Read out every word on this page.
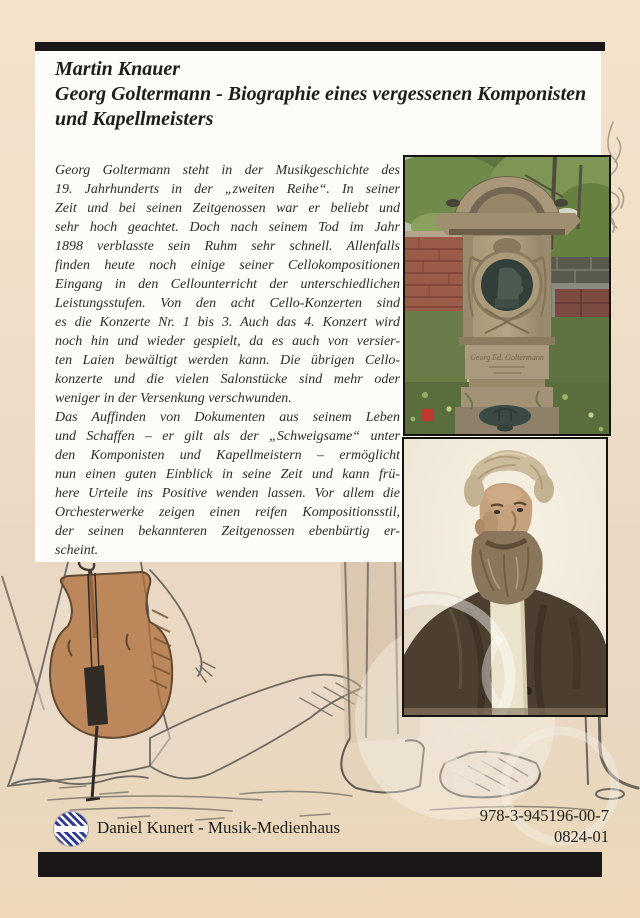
Martin Knauer
Georg Goltermann - Biographie eines vergessenen Komponisten und Kapellmeisters
Georg Goltermann steht in der Musikgeschichte des
19. Jahrhunderts in der „zweiten Reihe“. In seiner
Zeit und bei seinen Zeitgenossen war er beliebt und
sehr hoch geachtet. Doch nach seinem Tod im Jahr
1898 verblasste sein Ruhm sehr schnell. Allenfalls
finden heute noch einige seiner Cellokompositionen
Eingang in den Cellounterricht der unterschiedlichen
Leistungsstufen. Von den acht Cello-Konzerten sind
es die Konzerte Nr. 1 bis 3. Auch das 4. Konzert wird
noch hin und wieder gespielt, da es auch von versier-
ten Laien bewältigt werden kann. Die übrigen Cello-
konzerte und die vielen Salonstücke sind mehr oder
weniger in der Versenkung verschwunden.
Das Auffinden von Dokumenten aus seinem Leben
und Schaffen – er gilt als der „Schweigsame“ unter
den Komponisten und Kapellmeistern – ermöglicht
nun einen guten Einblick in seine Zeit und kann frü-
here Urteile ins Positive wenden lassen. Vor allem die
Orchesterwerke zeigen einen reifen Kompositionsstil,
der seinen bekannteren Zeitgenossen ebenbürtig er-
scheint.
Georg Ed. Goltermann
Daniel Kunert - Musik-Medienhaus
978-3-945196-00-7
0824-01
